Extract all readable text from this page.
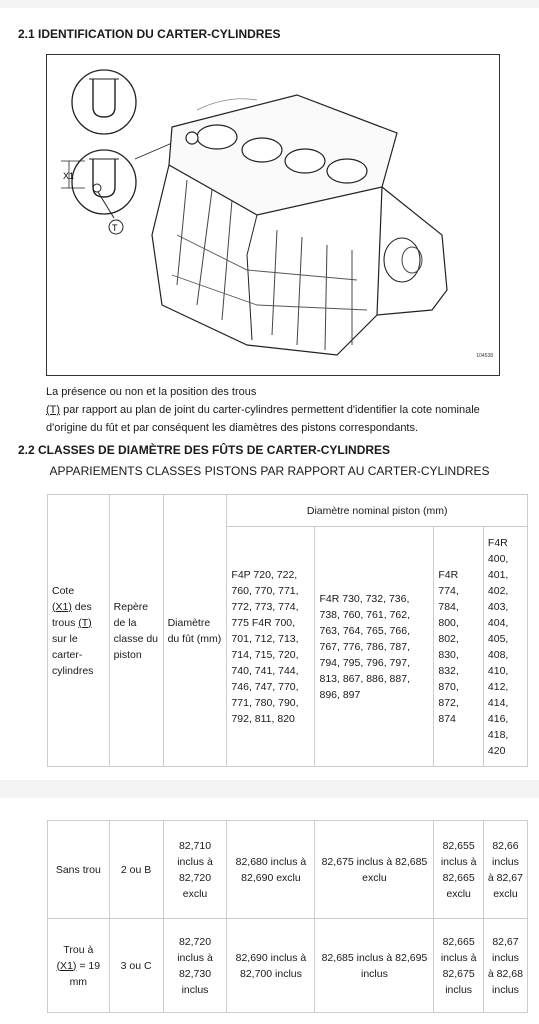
2.1 IDENTIFICATION DU CARTER-CYLINDRES
X1
T
104538
La présence ou non et la position des trous
(T) par rapport au plan de joint du carter-cylindres permettent d'identifier la cote nominale d'origine du fût et par conséquent les diamètres des pistons correspondants.
2.2 CLASSES DE DIAMÈTRE DES FÛTS DE CARTER-CYLINDRES
APPARIEMENTS CLASSES PISTONS PAR RAPPORT AU CARTER-CYLINDRES
Cote
(X1) des trous (T) sur le carter-cylindres	Repère de la classe du piston	Diamètre du fût (mm)	Diamètre nominal piston (mm)			
			F4P 720, 722, 760, 770, 771, 772, 773, 774, 775 F4R 700, 701, 712, 713, 714, 715, 720, 740, 741, 744, 746, 747, 770, 771, 780, 790, 792, 811, 820	F4R 730, 732, 736, 738, 760, 761, 762, 763, 764, 765, 766, 767, 776, 786, 787, 794, 795, 796, 797, 813, 867, 886, 887, 896, 897	F4R 774, 784, 800, 802, 830, 832, 870, 872, 874	F4R 400, 401, 402, 403, 404, 405, 408, 410, 412, 414, 416, 418, 420
Sans trou	2 ou B	82,710 inclus à 82,720 exclu	82,680 inclus à 82,690 exclu	82,675 inclus à 82,685 exclu	82,655 inclus à 82,665 exclu	82,66 inclus à 82,67 exclu
Trou à (X1) = 19 mm	3 ou C	82,720 inclus à 82,730 inclus	82,690 inclus à 82,700 inclus	82,685 inclus à 82,695 inclus	82,665 inclus à 82,675 inclus	82,67 inclus à 82,68 inclus
